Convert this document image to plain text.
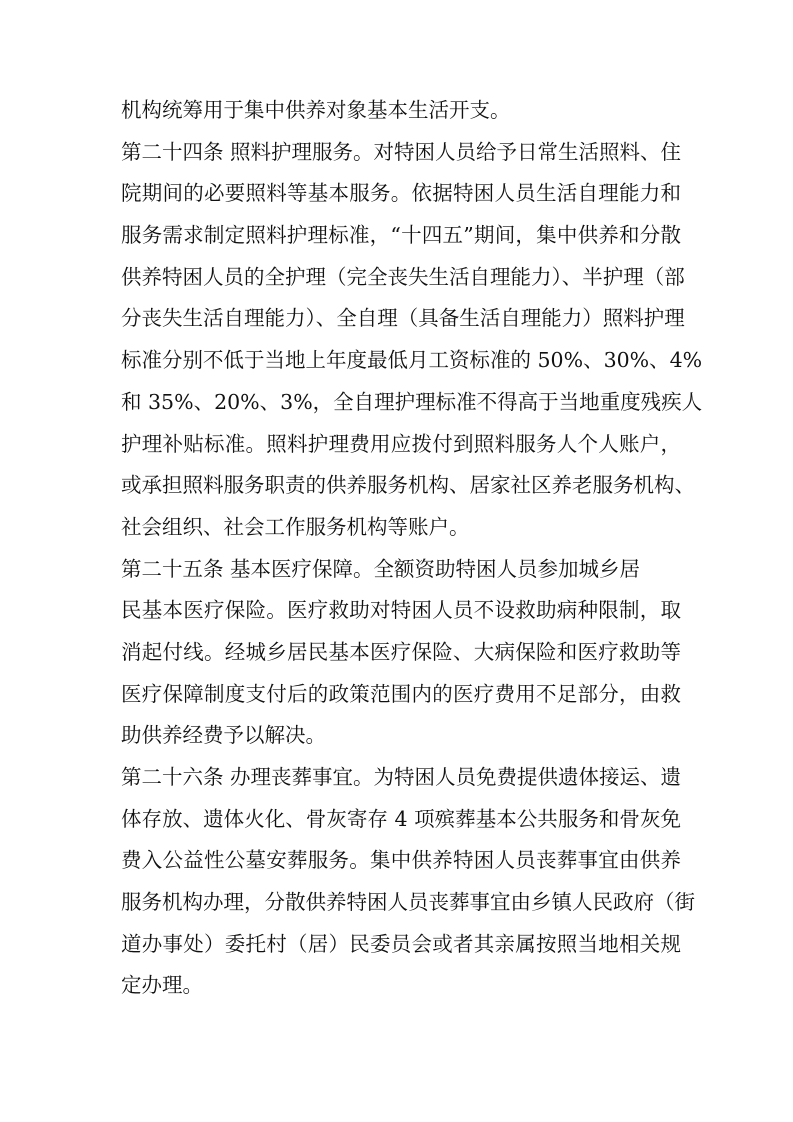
机构统筹用于集中供养对象基本生活开支。
第二十四条 照料护理服务。对特困人员给予日常生活照料、住
院期间的必要照料等基本服务。依据特困人员生活自理能力和
服务需求制定照料护理标准，“十四五”期间，集中供养和分散
供养特困人员的全护理（完全丧失生活自理能力）、半护理（部
分丧失生活自理能力）、全自理（具备生活自理能力）照料护理
标准分别不低于当地上年度最低月工资标准的 50%、30%、4%
和 35%、20%、3%，全自理护理标准不得高于当地重度残疾人
护理补贴标准。照料护理费用应拨付到照料服务人个人账户，
或承担照料服务职责的供养服务机构、居家社区养老服务机构、
社会组织、社会工作服务机构等账户。
第二十五条 基本医疗保障。全额资助特困人员参加城乡居
民基本医疗保险。医疗救助对特困人员不设救助病种限制，取
消起付线。经城乡居民基本医疗保险、大病保险和医疗救助等
医疗保障制度支付后的政策范围内的医疗费用不足部分，由救
助供养经费予以解决。
第二十六条 办理丧葬事宜。为特困人员免费提供遗体接运、遗
体存放、遗体火化、骨灰寄存 4 项殡葬基本公共服务和骨灰免
费入公益性公墓安葬服务。集中供养特困人员丧葬事宜由供养
服务机构办理，分散供养特困人员丧葬事宜由乡镇人民政府（街
道办事处）委托村（居）民委员会或者其亲属按照当地相关规
定办理。
